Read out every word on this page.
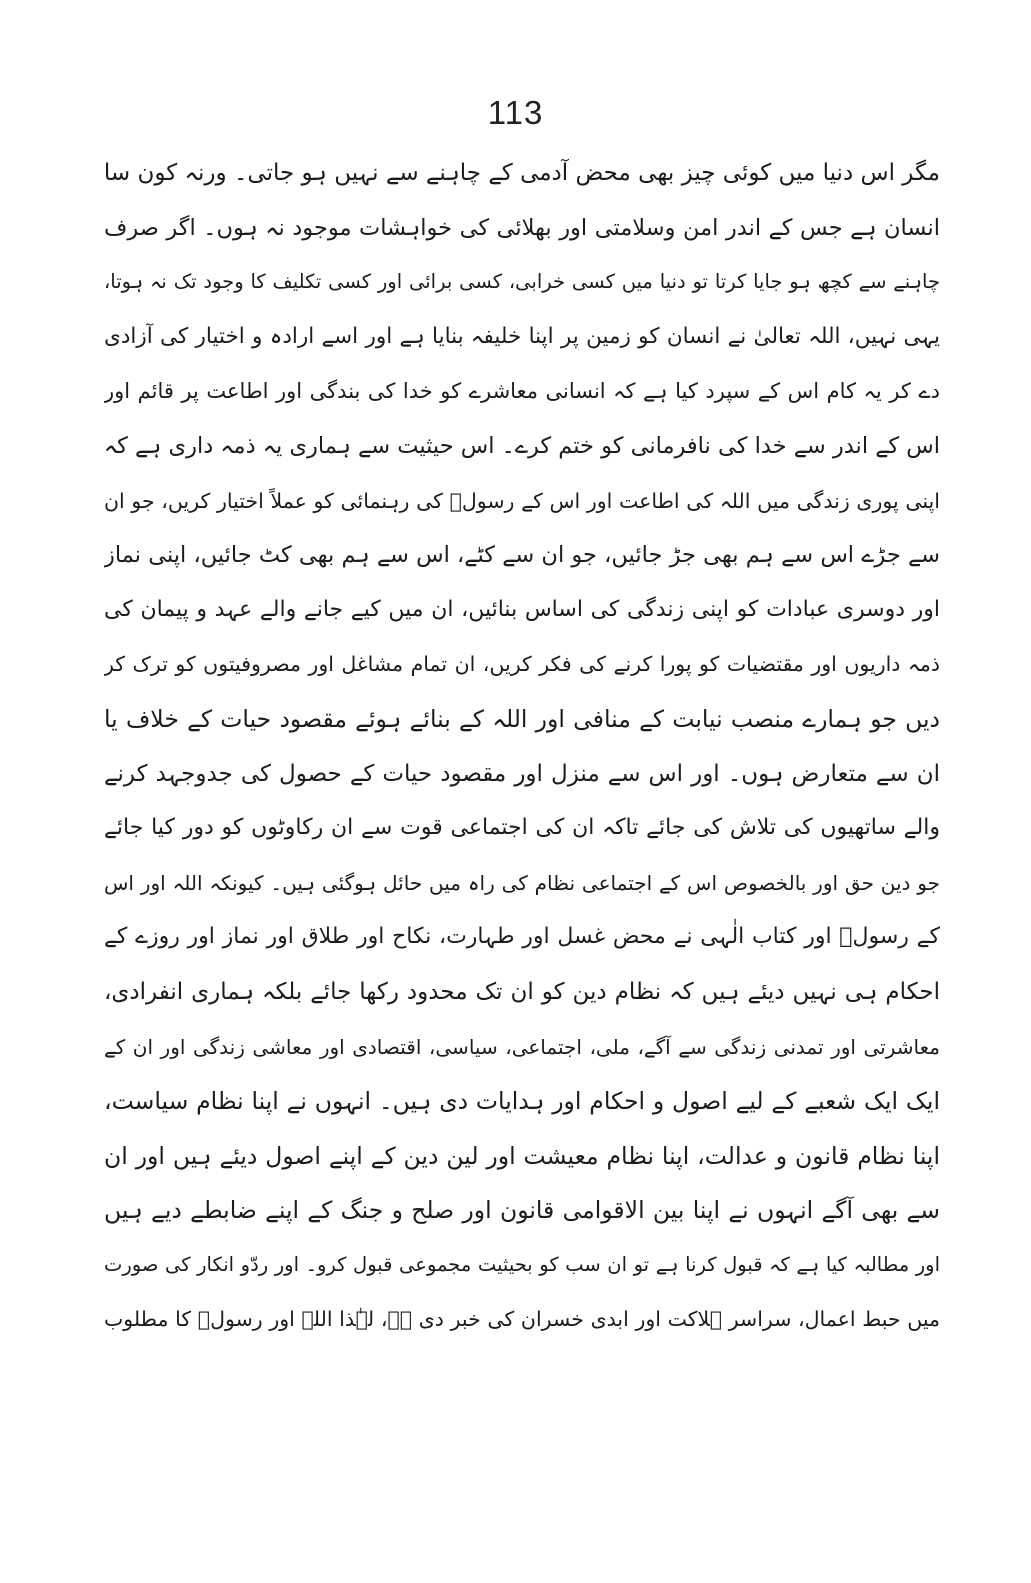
113
مگر اس دنیا میں کوئی چیز بھی محض آدمی کے چاہنے سے نہیں ہو جاتی۔ ورنہ کون سا
انسان ہے جس کے اندر امن وسلامتی اور بھلائی کی خواہشات موجود نہ ہوں۔ اگر صرف
چاہنے سے کچھ ہو جایا کرتا تو دنیا میں کسی خرابی، کسی برائی اور کسی تکلیف کا وجود تک نہ ہوتا،
یہی نہیں، اللہ تعالیٰ نے انسان کو زمین پر اپنا خلیفہ بنایا ہے اور اسے ارادہ و اختیار کی آزادی
دے کر یہ کام اس کے سپرد کیا ہے کہ انسانی معاشرے کو خدا کی بندگی اور اطاعت پر قائم اور
اس کے اندر سے خدا کی نافرمانی کو ختم کرے۔ اس حیثیت سے ہماری یہ ذمہ داری ہے کہ
اپنی پوری زندگی میں اللہ کی اطاعت اور اس کے رسولؐ کی رہنمائی کو عملاً اختیار کریں، جو ان
سے جڑے اس سے ہم بھی جڑ جائیں، جو ان سے کٹے، اس سے ہم بھی کٹ جائیں، اپنی نماز
اور دوسری عبادات کو اپنی زندگی کی اساس بنائیں، ان میں کیے جانے والے عہد و پیمان کی
ذمہ داریوں اور مقتضیات کو پورا کرنے کی فکر کریں، ان تمام مشاغل اور مصروفیتوں کو ترک کر
دیں جو ہمارے منصب نیابت کے منافی اور اللہ کے بنائے ہوئے مقصود حیات کے خلاف یا
ان سے متعارض ہوں۔ اور اس سے منزل اور مقصود حیات کے حصول کی جدوجہد کرنے
والے ساتھیوں کی تلاش کی جائے تاکہ ان کی اجتماعی قوت سے ان رکاوٹوں کو دور کیا جائے
جو دین حق اور بالخصوص اس کے اجتماعی نظام کی راہ میں حائل ہوگئی ہیں۔ کیونکہ اللہ اور اس
کے رسولؐ اور کتاب الٰہی نے محض غسل اور طہارت، نکاح اور طلاق اور نماز اور روزے کے
احکام ہی نہیں دیئے ہیں کہ نظام دین کو ان تک محدود رکھا جائے بلکہ ہماری انفرادی،
معاشرتی اور تمدنی زندگی سے آگے، ملی، اجتماعی، سیاسی، اقتصادی اور معاشی زندگی اور ان کے
ایک ایک شعبے کے لیے اصول و احکام اور ہدایات دی ہیں۔ انہوں نے اپنا نظام سیاست،
اپنا نظام قانون و عدالت، اپنا نظام معیشت اور لین دین کے اپنے اصول دیئے ہیں اور ان
سے بھی آگے انہوں نے اپنا بین الاقوامی قانون اور صلح و جنگ کے اپنے ضابطے دیے ہیں
اور مطالبہ کیا ہے کہ قبول کرنا ہے تو ان سب کو بحیثیت مجموعی قبول کرو۔ اور ردّو انکار کی صورت
میں حبط اعمال، سراسر ہلاکت اور ابدی خسران کی خبر دی ہے، لہٰذا اللہ اور رسولؐ کا مطلوب
